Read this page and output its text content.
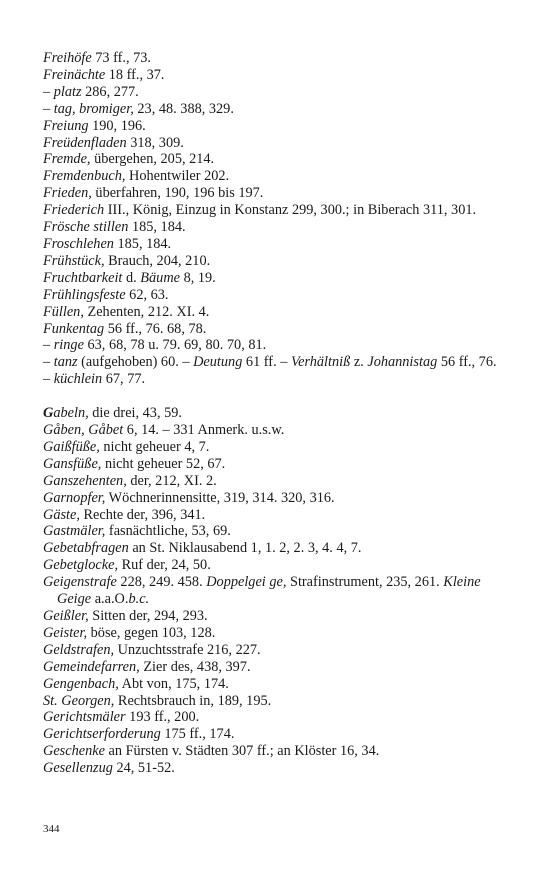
Freihöfe 73 ff., 73.

Freinächte 18 ff., 37.

– platz 286, 277.

– tag, bromiger, 23, 48. 388, 329.

Freiung 190, 196.

Freüdenfladen 318, 309.

Fremde, übergehen, 205, 214.

Fremdenbuch, Hohentwiler 202.

Frieden, überfahren, 190, 196 bis 197.

Friederich III., König, Einzug in Konstanz 299, 300.; in Biberach 311, 301.

Frösche stillen 185, 184.

Froschlehen 185, 184.

Frühstück, Brauch, 204, 210.

Fruchtbarkeit d. Bäume 8, 19.

Frühlingsfeste 62, 63.

Füllen, Zehenten, 212. XI. 4.

Funkentag 56 ff., 76. 68, 78.

– ringe 63, 68, 78 u. 79. 69, 80. 70, 81.

– tanz (aufgehoben) 60. – Deutung 61 ff. – Verhältniß z. Johannistag 56 ff., 76.

– küchlein 67, 77.

Gabeln, die drei, 43, 59.

Gåben, Gåbet 6, 14. – 331 Anmerk. u.s.w.

Gaißfüße, nicht geheuer 4, 7.

Gansfüße, nicht geheuer 52, 67.

Ganszehenten, der, 212, XI. 2.

Garnopfer, Wöchnerinnensitte, 319, 314. 320, 316.

Gäste, Rechte der, 396, 341.

Gastmäler, fasnächtliche, 53, 69.

Gebetabfragen an St. Niklausabend 1, 1. 2, 2. 3, 4. 4, 7.

Gebetglocke, Ruf der, 24, 50.

Geigenstrafe 228, 249. 458. Doppelgei ge, Strafinstrument, 235, 261. Kleine Geige a.a.O.b.c.

Geißler, Sitten der, 294, 293.

Geister, böse, gegen 103, 128.

Geldstrafen, Unzuchtsstrafe 216, 227.

Gemeindefarren, Zier des, 438, 397.

Gengenbach, Abt von, 175, 174.

St. Georgen, Rechtsbrauch in, 189, 195.

Gerichtsmäler 193 ff., 200.

Gerichtserforderung 175 ff., 174.

Geschenke an Fürsten v. Städten 307 ff.; an Klöster 16, 34.

Gesellenzug 24, 51-52.

344
